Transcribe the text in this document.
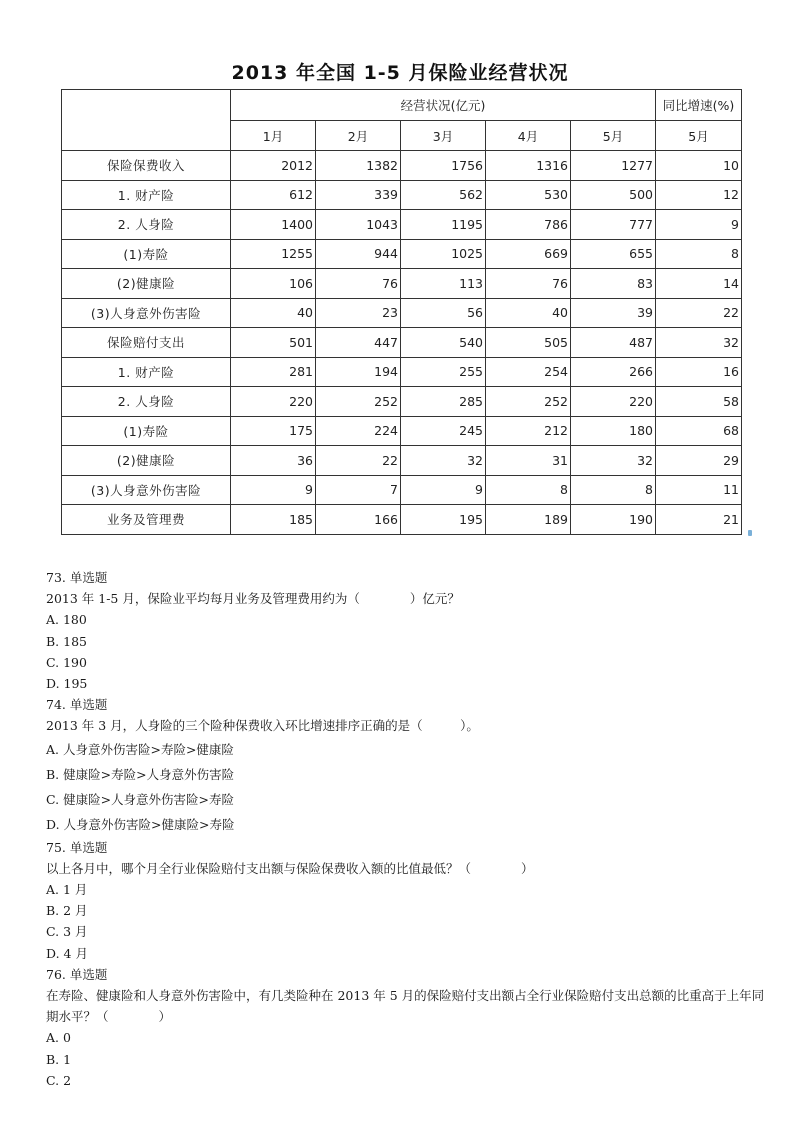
2013 年全国 1-5 月保险业经营状况
	经营状况(亿元)					同比增速(%)
	1月	2月	3月	4月	5月	5月
保险保费收入	2012	1382	1756	1316	1277	10
1. 财产险	612	339	562	530	500	12
2. 人身险	1400	1043	1195	786	777	9
(1)寿险	1255	944	1025	669	655	8
(2)健康险	106	76	113	76	83	14
(3)人身意外伤害险	40	23	56	40	39	22
保险赔付支出	501	447	540	505	487	32
1. 财产险	281	194	255	254	266	16
2. 人身险	220	252	285	252	220	58
(1)寿险	175	224	245	212	180	68
(2)健康险	36	22	32	31	32	29
(3)人身意外伤害险	9	7	9	8	8	11
业务及管理费	185	166	195	189	190	21
73. 单选题
2013 年 1-5 月，保险业平均每月业务及管理费用约为（　　　　）亿元？
A. 180
B. 185
C. 190
D. 195
74. 单选题
2013 年 3 月，人身险的三个险种保费收入环比增速排序正确的是（　　　）。
A. 人身意外伤害险>寿险>健康险
B. 健康险>寿险>人身意外伤害险
C. 健康险>人身意外伤害险>寿险
D. 人身意外伤害险>健康险>寿险
75. 单选题
以上各月中，哪个月全行业保险赔付支出额与保险保费收入额的比值最低？（　　　　）
A. 1 月
B. 2 月
C. 3 月
D. 4 月
76. 单选题
在寿险、健康险和人身意外伤害险中，有几类险种在 2013 年 5 月的保险赔付支出额占全行业保险赔付支出总额的比重高于上年同期水平？（　　　　）
A. 0
B. 1
C. 2
